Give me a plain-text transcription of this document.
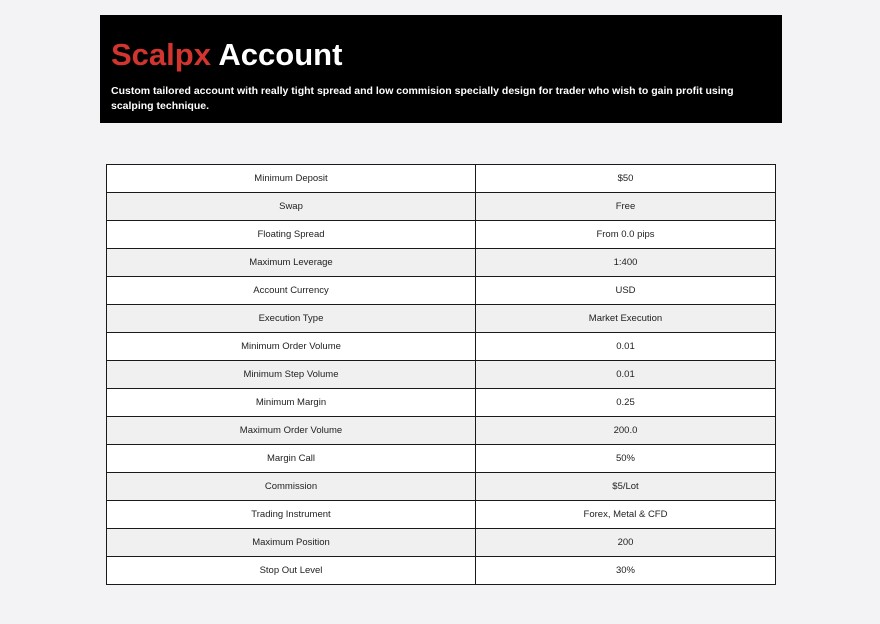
Scalpx Account
Custom tailored account with really tight spread and low commision specially design for trader who wish to gain profit using scalping technique.
Minimum Deposit	$50
Swap	Free
Floating Spread	From 0.0 pips
Maximum Leverage	1:400
Account Currency	USD
Execution Type	Market Execution
Minimum Order Volume	0.01
Minimum Step Volume	0.01
Minimum Margin	0.25
Maximum Order Volume	200.0
Margin Call	50%
Commission	$5/Lot
Trading Instrument	Forex, Metal & CFD
Maximum Position	200
Stop Out Level	30%
